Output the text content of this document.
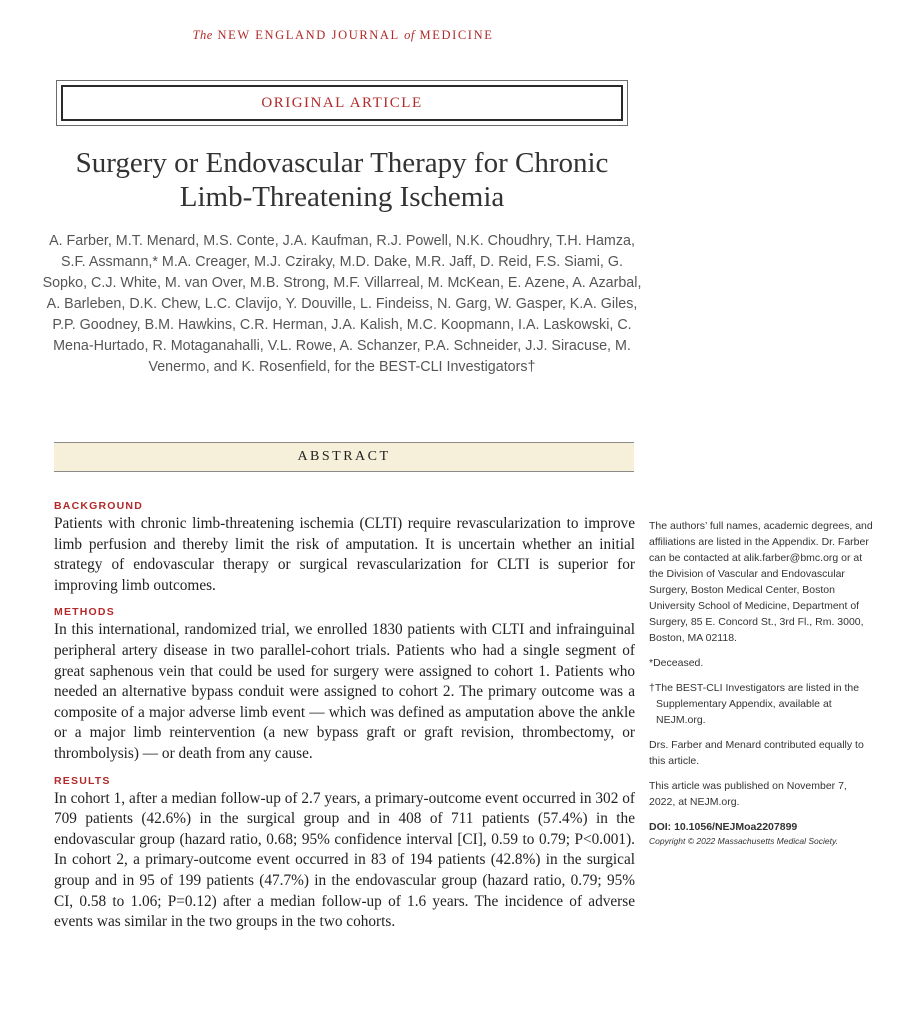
The NEW ENGLAND JOURNAL of MEDICINE
ORIGINAL ARTICLE
Surgery or Endovascular Therapy for Chronic Limb-Threatening Ischemia
A. Farber, M.T. Menard, M.S. Conte, J.A. Kaufman, R.J. Powell, N.K. Choudhry, T.H. Hamza, S.F. Assmann,* M.A. Creager, M.J. Cziraky, M.D. Dake, M.R. Jaff, D. Reid, F.S. Siami, G. Sopko, C.J. White, M. van Over, M.B. Strong, M.F. Villarreal, M. McKean, E. Azene, A. Azarbal, A. Barleben, D.K. Chew, L.C. Clavijo, Y. Douville, L. Findeiss, N. Garg, W. Gasper, K.A. Giles, P.P. Goodney, B.M. Hawkins, C.R. Herman, J.A. Kalish, M.C. Koopmann, I.A. Laskowski, C. Mena-Hurtado, R. Motaganahalli, V.L. Rowe, A. Schanzer, P.A. Schneider, J.J. Siracuse, M. Venermo, and K. Rosenfield, for the BEST-CLI Investigators†
ABSTRACT

BACKGROUND

Patients with chronic limb-threatening ischemia (CLTI) require revascularization to improve limb perfusion and thereby limit the risk of amputation. It is uncertain whether an initial strategy of endovascular therapy or surgical revascularization for CLTI is superior for improving limb outcomes.

METHODS

In this international, randomized trial, we enrolled 1830 patients with CLTI and infrainguinal peripheral artery disease in two parallel-cohort trials. Patients who had a single segment of great saphenous vein that could be used for surgery were assigned to cohort 1. Patients who needed an alternative bypass conduit were assigned to cohort 2. The primary outcome was a composite of a major adverse limb event — which was defined as amputation above the ankle or a major limb reintervention (a new bypass graft or graft revision, thrombectomy, or thrombolysis) — or death from any cause.

RESULTS

In cohort 1, after a median follow-up of 2.7 years, a primary-outcome event occurred in 302 of 709 patients (42.6%) in the surgical group and in 408 of 711 patients (57.4%) in the endovascular group (hazard ratio, 0.68; 95% confidence interval [CI], 0.59 to 0.79; P<0.001). In cohort 2, a primary-outcome event occurred in 83 of 194 patients (42.8%) in the surgical group and in 95 of 199 patients (47.7%) in the endovascular group (hazard ratio, 0.79; 95% CI, 0.58 to 1.06; P=0.12) after a median follow-up of 1.6 years. The incidence of adverse events was similar in the two groups in the two cohorts.

The authors’ full names, academic degrees, and affiliations are listed in the Appendix. Dr. Farber can be contacted at alik.farber@bmc.org or at the Division of Vascular and Endovascular Surgery, Boston Medical Center, Boston University School of Medicine, Department of Surgery, 85 E. Concord St., 3rd Fl., Rm. 3000, Boston, MA 02118.

*Deceased.

†The BEST-CLI Investigators are listed in the Supplementary Appendix, available at NEJM.org.

Drs. Farber and Menard contributed equally to this article.

This article was published on November 7, 2022, at NEJM.org.

DOI: 10.1056/NEJMoa2207899

Copyright © 2022 Massachusetts Medical Society.
